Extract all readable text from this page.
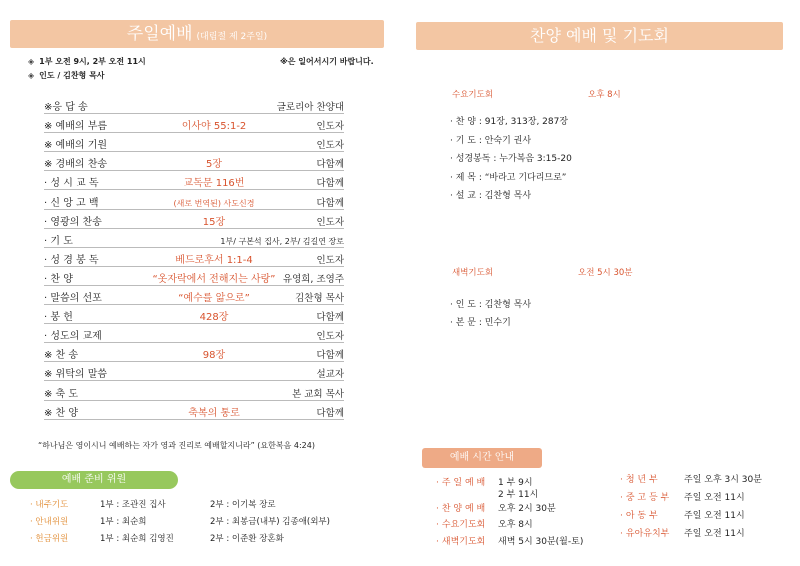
주일예배 (대림절 제 2주일)
◈ 1부 오전 9시, 2부 오전 11시	※은 일어서시기 바랍니다.
◈ 인도 / 김찬형 목사
※응 답 송	글로리아 찬양대
※ 예배의 부름	이사야 55:1-2	인도자
※ 예배의 기원	인도자
※ 경배의 찬송	5장	다함께
· 성 시 교 독	교독문 116번	다함께
· 신 앙 고 백	(새로 번역된) 사도신경	다함께
· 영광의 찬송	15장	인도자
· 기 도	1부/ 구본석 집사, 2부/ 김길연 장로
· 성 경 봉 독	베드로후서 1:1-4	인도자
· 찬 양	“옷자락에서 전해지는 사랑” 유영희, 조영주
· 말씀의 선포	“예수를 앎으로”	김찬형 목사
· 봉 헌	428장	다함께
· 성도의 교제	인도자
※ 찬 송	98장	다함께
※ 위탁의 말씀	설교자
※ 축 도	본 교회 목사
※ 찬 양	축복의 통로	다함께
“하나님은 영이시니 예배하는 자가 영과 진리로 예배할지니라” (요한복음 4:24)
예배 준비 위원
· 내주기도	1부 : 조관진 집사	2부 : 이기복 장로
· 안내위원	1부 : 최순희	2부 : 최봉금(내부) 김종애(외부)
· 헌금위원	1부 : 최순희 김영진	2부 : 이준환 장혼화
찬양 예배 및 기도회
수요기도회	오후 8시
· 찬 양 : 91장, 313장, 287장
· 기 도 : 안숙기 권사
· 성경봉독 : 누가복음 3:15-20
· 제 목 : “바라고 기다리므로”
· 설 교 : 김찬형 목사
새벽기도회	오전 5시 30분
· 인 도 : 김찬형 목사
· 본 문 : 민수기
예배 시간 안내
· 주 일 예 배 1 부 9시
2 부 11시
· 찬 양 예 배 오후 2시 30분
· 수요기도회 오후 8시
· 새벽기도회 새벽 5시 30분(월-토)
· 청 년 부	주일 오후 3시 30분
· 중 고 등 부 주일 오전 11시
· 아 동 부	주일 오전 11시
· 유아유치부 주일 오전 11시
